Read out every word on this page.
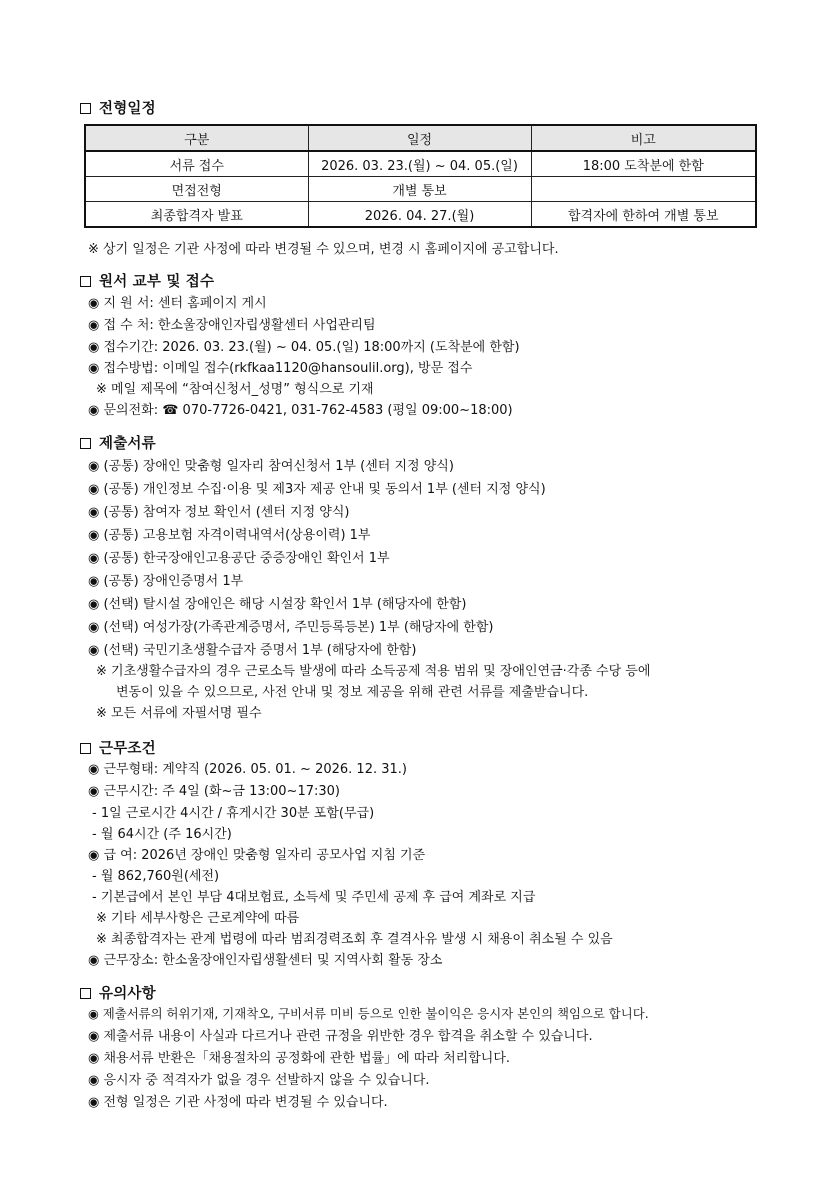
전형일정
구분	일정	비고
서류 접수	2026. 03. 23.(월) ~ 04. 05.(일)	18:00 도착분에 한함
면접전형	개별 통보	
최종합격자 발표	2026. 04. 27.(월)	합격자에 한하여 개별 통보
※ 상기 일정은 기관 사정에 따라 변경될 수 있으며, 변경 시 홈페이지에 공고합니다.
원서 교부 및 접수
◉ 지 원 서: 센터 홈페이지 게시
◉ 접 수 처: 한소울장애인자립생활센터 사업관리팀
◉ 접수기간: 2026. 03. 23.(월) ~ 04. 05.(일) 18:00까지 (도착분에 한함)
◉ 접수방법: 이메일 접수(rkfkaa1120@hansoulil.org), 방문 접수
※ 메일 제목에 “참여신청서_성명” 형식으로 기재
◉ 문의전화: ☎ 070-7726-0421, 031-762-4583 (평일 09:00~18:00)
제출서류
◉ (공통) 장애인 맞춤형 일자리 참여신청서 1부 (센터 지정 양식)
◉ (공통) 개인정보 수집·이용 및 제3자 제공 안내 및 동의서 1부 (센터 지정 양식)
◉ (공통) 참여자 정보 확인서 (센터 지정 양식)
◉ (공통) 고용보험 자격이력내역서(상용이력) 1부
◉ (공통) 한국장애인고용공단 중증장애인 확인서 1부
◉ (공통) 장애인증명서 1부
◉ (선택) 탈시설 장애인은 해당 시설장 확인서 1부 (해당자에 한함)
◉ (선택) 여성가장(가족관계증명서, 주민등록등본) 1부 (해당자에 한함)
◉ (선택) 국민기초생활수급자 증명서 1부 (해당자에 한함)
※ 기초생활수급자의 경우 근로소득 발생에 따라 소득공제 적용 범위 및 장애인연금·각종 수당 등에
변동이 있을 수 있으므로, 사전 안내 및 정보 제공을 위해 관련 서류를 제출받습니다.
※ 모든 서류에 자필서명 필수
근무조건
◉ 근무형태: 계약직 (2026. 05. 01. ~ 2026. 12. 31.)
◉ 근무시간: 주 4일 (화~금 13:00~17:30)
- 1일 근로시간 4시간 / 휴게시간 30분 포함(무급)
- 월 64시간 (주 16시간)
◉ 급 여: 2026년 장애인 맞춤형 일자리 공모사업 지침 기준
- 월 862,760원(세전)
- 기본급에서 본인 부담 4대보험료, 소득세 및 주민세 공제 후 급여 계좌로 지급
※ 기타 세부사항은 근로계약에 따름
※ 최종합격자는 관계 법령에 따라 범죄경력조회 후 결격사유 발생 시 채용이 취소될 수 있음
◉ 근무장소: 한소울장애인자립생활센터 및 지역사회 활동 장소
유의사항
◉ 제출서류의 허위기재, 기재착오, 구비서류 미비 등으로 인한 불이익은 응시자 본인의 책임으로 합니다.
◉ 제출서류 내용이 사실과 다르거나 관련 규정을 위반한 경우 합격을 취소할 수 있습니다.
◉ 채용서류 반환은「채용절차의 공정화에 관한 법률」에 따라 처리합니다.
◉ 응시자 중 적격자가 없을 경우 선발하지 않을 수 있습니다.
◉ 전형 일정은 기관 사정에 따라 변경될 수 있습니다.
